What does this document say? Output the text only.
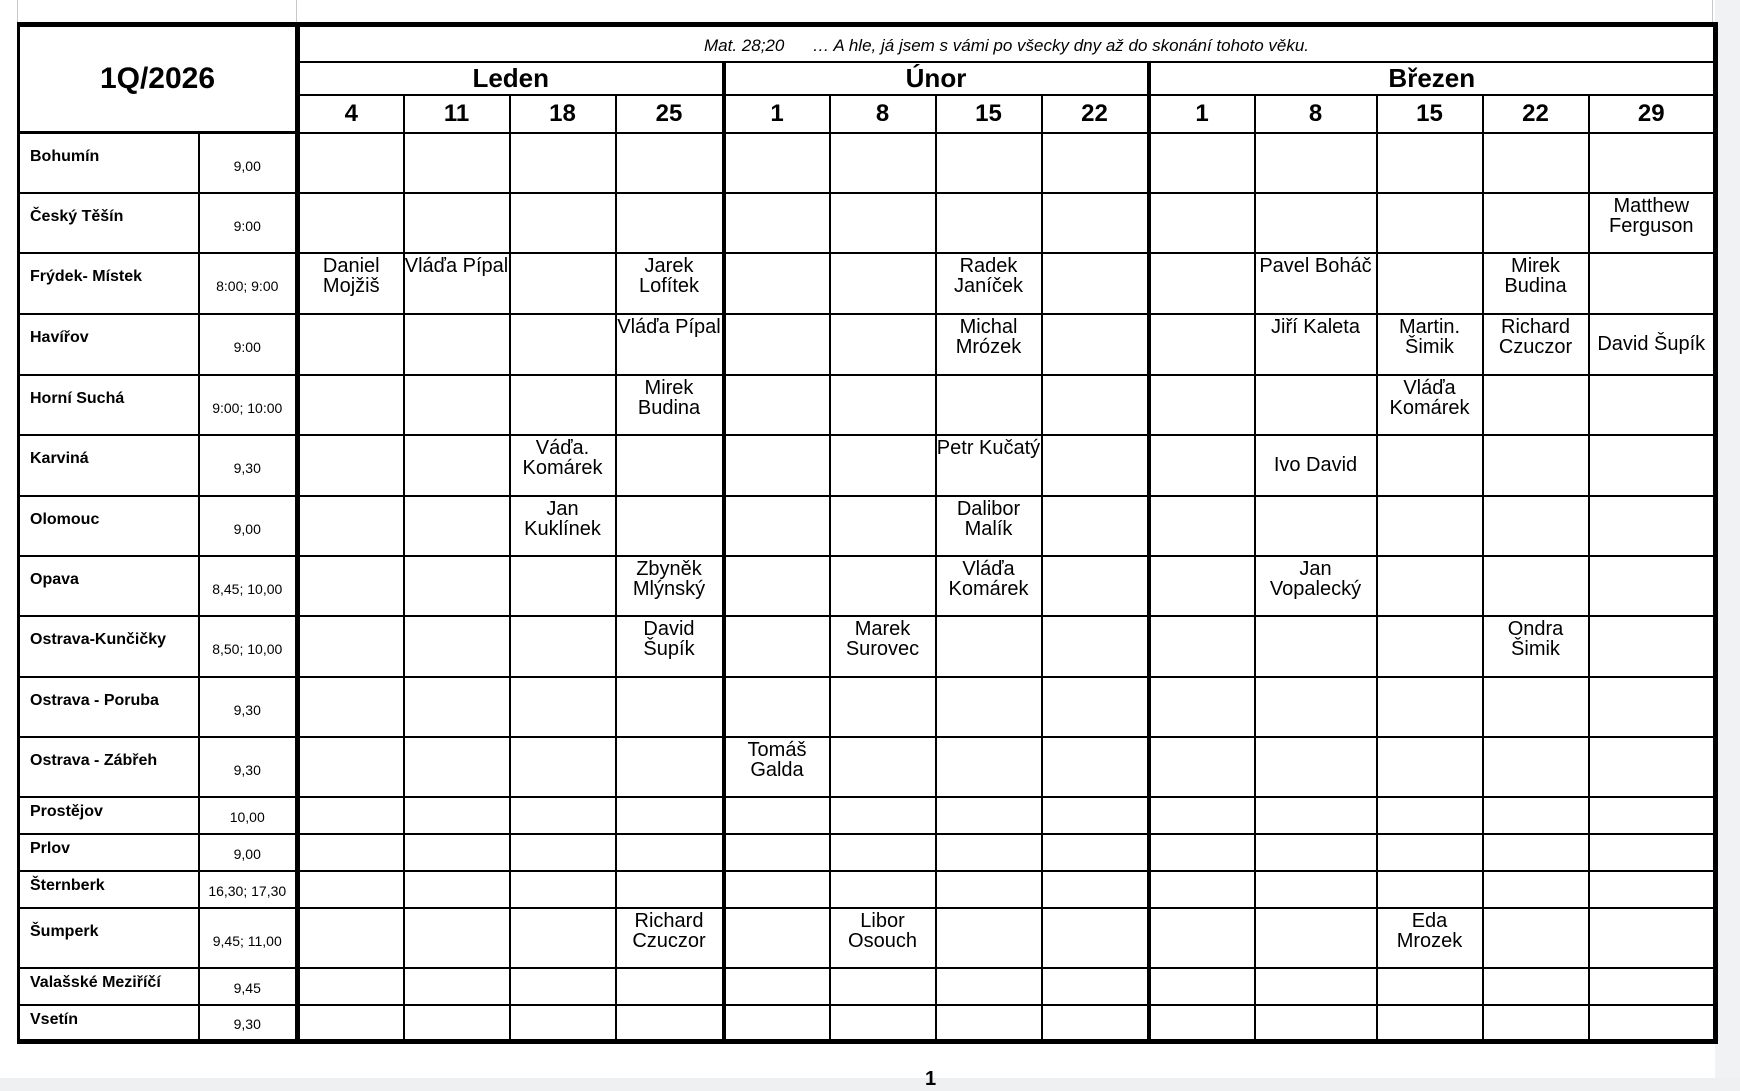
1Q/2026		Mat. 28;20 … A hle, já jsem s vámi po všecky dny až do skonání tohoto věku.												
		Leden				Únor				Březen				
		4	11	18	25	1	8	15	22	1	8	15	22	29
Bohumín	9,00													
Český Těšín	9:00													Matthew Ferguson
Frýdek- Místek	8:00; 9:00	Daniel Mojžiš	Vláďa Pípal		Jarek Lofítek			Radek Janíček			Pavel Boháč		Mirek Budina	
Havířov	9:00				Vláďa Pípal			Michal Mrózek			Jiří Kaleta	Martin. Šimik	Richard Czuczor	David Šupík
Horní Suchá	9:00; 10:00				Mirek Budina							Vláďa Komárek		
Karviná	9,30			Váďa. Komárek				Petr Kučatý			Ivo David			
Olomouc	9,00			Jan Kuklínek				Dalibor Malík						
Opava	8,45; 10,00				Zbyněk Mlýnský			Vláďa Komárek			Jan Vopalecký			
Ostrava-Kunčičky	8,50; 10,00				David Šupík		Marek Surovec						Ondra Šimik	
Ostrava - Poruba	9,30													
Ostrava - Zábřeh	9,30					Tomáš Galda								
Prostějov	10,00													
Prlov	9,00													
Šternberk	16,30; 17,30													
Šumperk	9,45; 11,00				Richard Czuczor		Libor Osouch					Eda Mrozek		
Valašské Meziříčí	9,45													
Vsetín	9,30													
1
